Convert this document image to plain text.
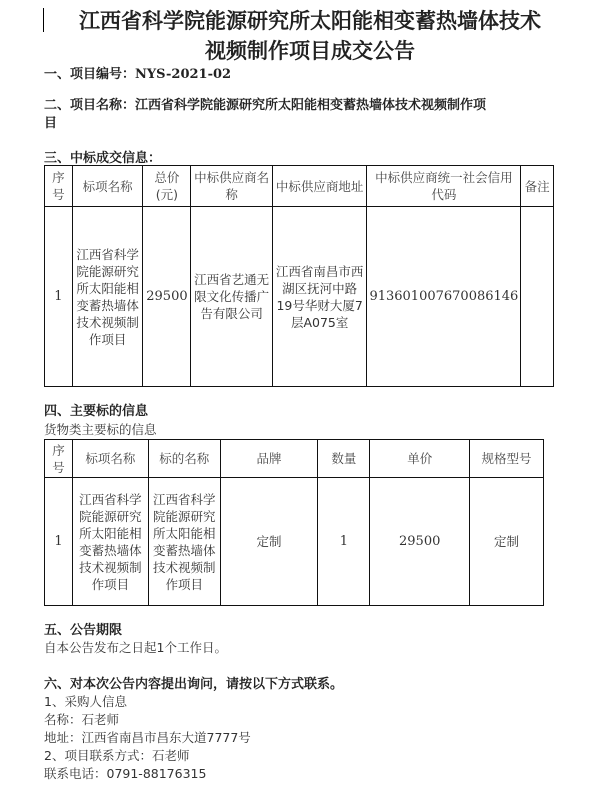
江西省科学院能源研究所太阳能相变蓄热墙体技术
视频制作项目成交公告
一、项目编号：NYS-2021-02
二、项目名称：江西省科学院能源研究所太阳能相变蓄热墙体技术视频制作项
目
三、中标成交信息：
序号	标项名称	总价(元)	中标供应商名称	中标供应商地址	中标供应商统一社会信用代码	备注
1	江西省科学院能源研究所太阳能相变蓄热墙体技术视频制作项目	29500	江西省艺通无限文化传播广告有限公司	江西省南昌市西湖区抚河中路19号华财大厦7层A075室	913601007670086146	
四、主要标的信息
货物类主要标的信息
序号	标项名称	标的名称	品牌	数量	单价	规格型号
1	江西省科学院能源研究所太阳能相变蓄热墙体技术视频制作项目	江西省科学院能源研究所太阳能相变蓄热墙体技术视频制作项目	定制	1	29500	定制
五、公告期限
自本公告发布之日起1个工作日。
六、对本次公告内容提出询问，请按以下方式联系。
1、采购人信息
名称：石老师
地址：江西省南昌市昌东大道7777号
2、项目联系方式：石老师
联系电话：0791-88176315
